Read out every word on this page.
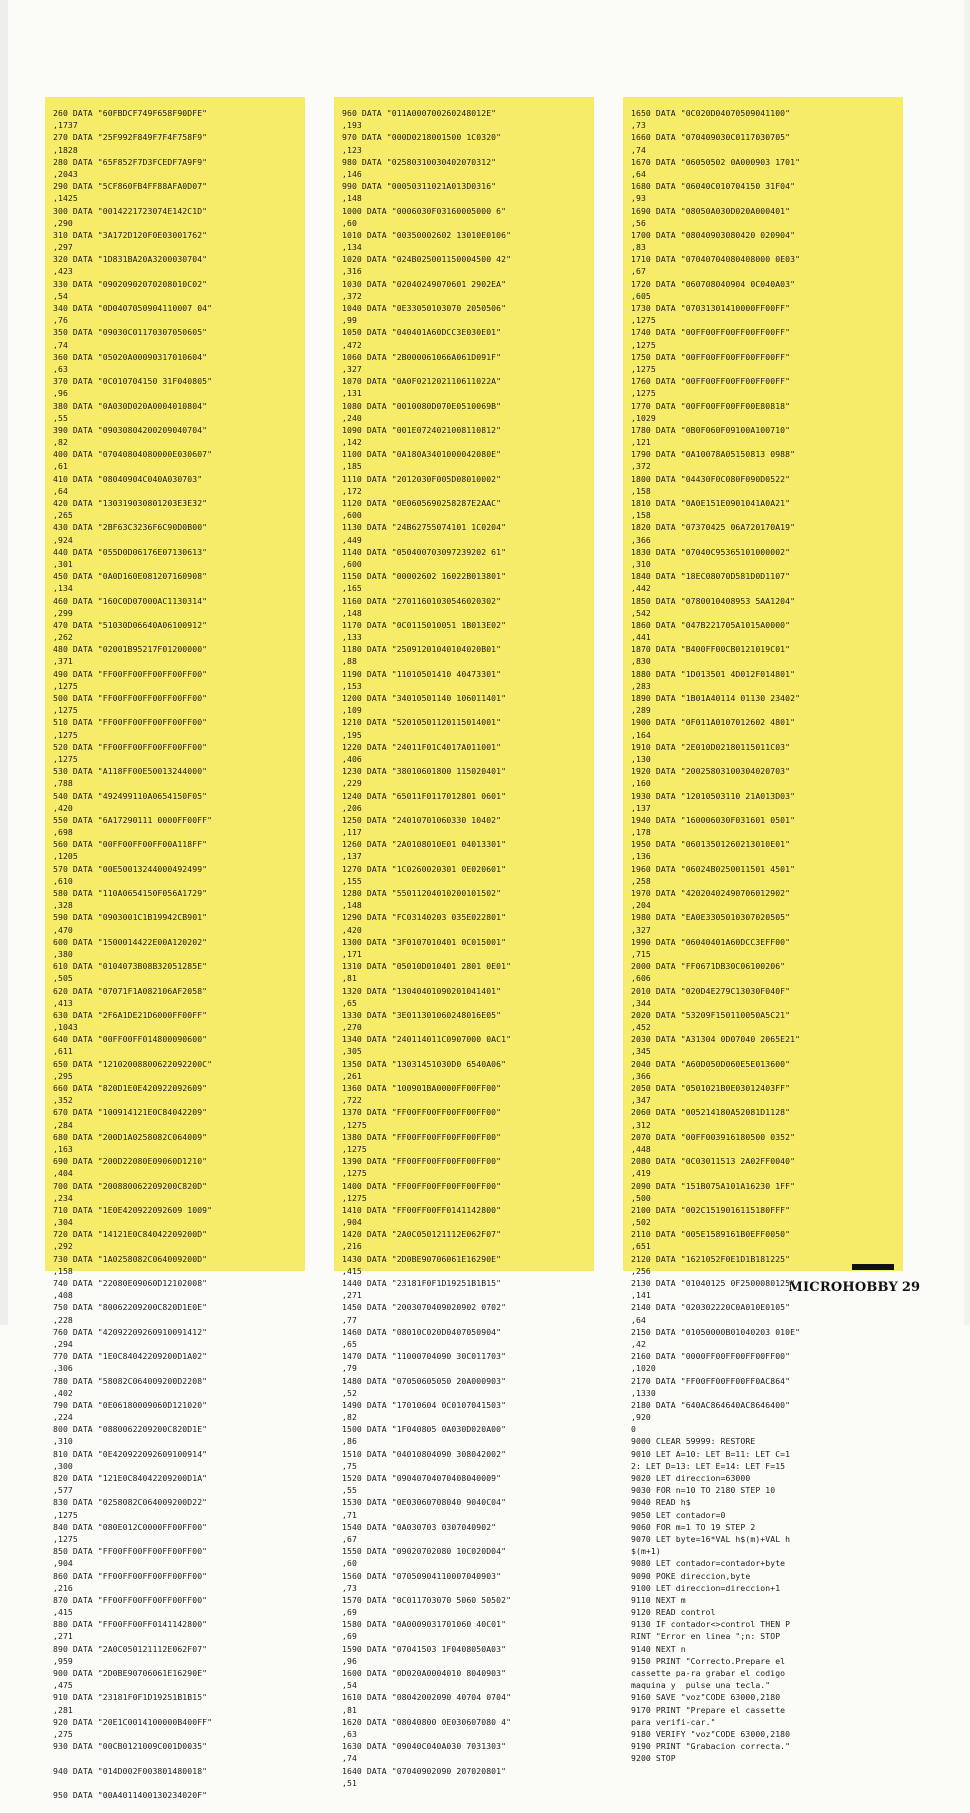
260 DATA "60FBDCF749F658F90DFE"
,1737
270 DATA "25F992F849F7F4F758F9"
,1828
280 DATA "65F852F7D3FCEDF7A9F9"
,2043
290 DATA "5CF860FB4FF88AFA0D07"
,1425
300 DATA "0014221723074E142C1D"
,290
310 DATA "3A172D120F0E03001762"
,297
320 DATA "1D831BA20A3200030704"
,423
330 DATA "09020902070208010C02"
,54
340 DATA "0D0407050904110007 04"
,76
350 DATA "09030C01170307050605"
,74
360 DATA "05020A00090317010604"
,63
370 DATA "0C010704150 31F040805"
,96
380 DATA "0A030D020A0004010804"
,55
390 DATA "09030804200209040704"
,82
400 DATA "07040804080000E030607"
,61
410 DATA "08040904C040A030703"
,64
420 DATA "130319030801203E3E32"
,265
430 DATA "2BF63C3236F6C90D0B00"
,924
440 DATA "055D0D06176E07130613"
,301
450 DATA "0A0D160E081207160908"
,134
460 DATA "160C0D07000AC1130314"
,299
470 DATA "51030D06640A06100912"
,262
480 DATA "02001B95217F01200000"
,371
490 DATA "FF00FF00FF00FF00FF00"
,1275
500 DATA "FF00FF00FF00FF00FF00"
,1275
510 DATA "FF00FF00FF00FF00FF00"
,1275
520 DATA "FF00FF00FF00FF00FF00"
,1275
530 DATA "A118FF00E50013244000"
,788
540 DATA "492499110A0654150F05"
,420
550 DATA "6A17290111 0000FF00FF"
,698
560 DATA "00FF00FF00FF00A118FF"
,1205
570 DATA "00E50013244000492499"
,610
580 DATA "110A0654150F056A1729"
,328
590 DATA "0903001C1B19942CB901"
,470
600 DATA "1500014422E00A120202"
,380
610 DATA "0104073B08B32051285E"
,505
620 DATA "07071F1A082106AF2058"
,413
630 DATA "2F6A1DE21D6000FF00FF"
,1043
640 DATA "00FF00FF014800090600"
,611
650 DATA "12102008800622092200C"
,295
660 DATA "820D1E0E420922092609"
,352
670 DATA "100914121E0C84042209"
,284
680 DATA "200D1A0258082C064009"
,163
690 DATA "200D22080E09060D1210"
,404
700 DATA "200880062209200C820D"
,234
710 DATA "1E0E420922092609 1009"
,304
720 DATA "14121E0C84042209200D"
,292
730 DATA "1A0258082C064009200D"
,158
740 DATA "22080E09060D12102008"
,408
750 DATA "80062209200C820D1E0E"
,228
760 DATA "42092209260910091412"
,294
770 DATA "1E0C84042209200D1A02"
,306
780 DATA "58082C064009200D2208"
,402
790 DATA "0E06180009060D121020"
,224
800 DATA "0880062209200C820D1E"
,310
810 DATA "0E420922092609100914"
,300
820 DATA "121E0C84042209200D1A"
,577
830 DATA "0258082C064009200D22"
,1275
840 DATA "080E012C0000FF00FF00"
,1275
850 DATA "FF00FF00FF00FF00FF00"
,904
860 DATA "FF00FF00FF00FF00FF00"
,216
870 DATA "FF00FF00FF00FF00FF00"
,415
880 DATA "FF00FF00FF0141142800"
,271
890 DATA "2A0C050121112E062F07"
,959
900 DATA "2D0BE90706061E16290E"
,475
910 DATA "23181F0F1D19251B1B15"
,281
920 DATA "20E1C0014100000B400FF"
,275
930 DATA "00CB0121009C001D0035"
940 DATA "014D002F003801480018"
950 DATA "00A4011400130234020F"
960 DATA "011A000700260248012E"
,193
970 DATA "000D0218001500 1C0320"
,123
980 DATA "02580310030402070312"
,146
990 DATA "00050311021A013D0316"
,148
1000 DATA "0006030F03160005000 6"
,60
1010 DATA "00350002602 13010E0106"
,134
1020 DATA "024B025001150004500 42"
,316
1030 DATA "02040249070601 2902EA"
,372
1040 DATA "0E33050103070 2050506"
,99
1050 DATA "040401A60DCC3E030E01"
,472
1060 DATA "2B000061066A061D091F"
,327
1070 DATA "0A0F021202110611022A"
,131
1080 DATA "0010080D070E0510069B"
,240
1090 DATA "001E0724021008110812"
,142
1100 DATA "0A180A3401000042080E"
,185
1110 DATA "2012030F005D08010002"
,172
1120 DATA "0E0605690258287E2AAC"
,600
1130 DATA "24B62755074101 1C0204"
,449
1140 DATA "050400703097239202 61"
,600
1150 DATA "00002602 16022B013801"
,165
1160 DATA "27011601030546020302"
,148
1170 DATA "0C0115010051 1B013E02"
,133
1180 DATA "25091201040104020B01"
,88
1190 DATA "11010501410 40473301"
,153
1200 DATA "34010501140 106011401"
,109
1210 DATA "52010501120115014001"
,195
1220 DATA "24011F01C4017A011001"
,406
1230 DATA "38010601800 115020401"
,229
1240 DATA "65011F0117012801 0601"
,206
1250 DATA "24010701060330 10402"
,117
1260 DATA "2A0108010E01 04013301"
,137
1270 DATA "1C0260020301 0E020601"
,155
1280 DATA "55011204010200101502"
,148
1290 DATA "FC03140203 035E022801"
,420
1300 DATA "3F0107010401 0C015001"
,171
1310 DATA "05010D010401 2801 0E01"
,81
1320 DATA "13040401090201041401"
,65
1330 DATA "3E011301060248016E05"
,270
1340 DATA "240114011C0907000 0AC1"
,305
1350 DATA "13031451030D0 6540A06"
,261
1360 DATA "100901BA0000FF00FF00"
,722
1370 DATA "FF00FF00FF00FF00FF00"
,1275
1380 DATA "FF00FF00FF00FF00FF00"
,1275
1390 DATA "FF00FF00FF00FF00FF00"
,1275
1400 DATA "FF00FF00FF00FF00FF00"
,1275
1410 DATA "FF00FF00FF0141142800"
,904
1420 DATA "2A0C050121112E062F07"
,216
1430 DATA "2D0BE90706061E16290E"
,415
1440 DATA "23181F0F1D19251B1B15"
,271
1450 DATA "2003070409020902 0702"
,77
1460 DATA "08010C020D0407050904"
,65
1470 DATA "11000704090 30C011703"
,79
1480 DATA "07050605050 20A000903"
,52
1490 DATA "17010604 0C0107041503"
,82
1500 DATA "1F040805 0A030D020A00"
,86
1510 DATA "04010804090 308042002"
,75
1520 DATA "09040704070408040009"
,55
1530 DATA "0E03060708040 9040C04"
,71
1540 DATA "0A030703 0307040902"
,67
1550 DATA "09020702080 10C020D04"
,60
1560 DATA "07050904110007040903"
,73
1570 DATA "0C011703070 5060 50502"
,69
1580 DATA "0A0009031701060 40C01"
,69
1590 DATA "07041503 1F0408050A03"
,96
1600 DATA "0D020A0004010 8040903"
,54
1610 DATA "08042002090 40704 0704"
,81
1620 DATA "08040800 0E030607080 4"
,63
1630 DATA "09040C040A030 7031303"
,74
1640 DATA "07040902090 207020801"
,51
1650 DATA "0C020D04070509041100"
,73
1660 DATA "070409030C0117030705"
,74
1670 DATA "06050502 0A000903 1701"
,64
1680 DATA "06040C010704150 31F04"
,93
1690 DATA "08050A030D020A000401"
,56
1700 DATA "08040903080420 020904"
,83
1710 DATA "07040704080408000 0E03"
,67
1720 DATA "060708040904 0C040A03"
,605
1730 DATA "07031301410000FF00FF"
,1275
1740 DATA "00FF00FF00FF00FF00FF"
,1275
1750 DATA "00FF00FF00FF00FF00FF"
,1275
1760 DATA "00FF00FF00FF00FF00FF"
,1275
1770 DATA "00FF00FF00FF00E80818"
,1029
1780 DATA "0B0F060F09100A100710"
,121
1790 DATA "0A10078A05150813 0988"
,372
1800 DATA "04430F0C080F090D0522"
,158
1810 DATA "0A0E151E0901041A0A21"
,158
1820 DATA "07370425 06A720170A19"
,366
1830 DATA "07040C95365101000002"
,310
1840 DATA "18EC08070D581D0D1107"
,442
1850 DATA "0780010408953 5AA1204"
,542
1860 DATA "047B221705A1015A0000"
,441
1870 DATA "B400FF00CB0121019C01"
,830
1880 DATA "1D013501 4D012F014801"
,283
1890 DATA "1B01A40114 01130 23402"
,289
1900 DATA "0F011A0107012602 4801"
,164
1910 DATA "2E010D02180115011C03"
,130
1920 DATA "20025803100304020703"
,160
1930 DATA "12010503110 21A013D03"
,137
1940 DATA "160006030F031601 0501"
,178
1950 DATA "06013501260213010E01"
,136
1960 DATA "06024B0250011501 4501"
,258
1970 DATA "42020402490706012902"
,204
1980 DATA "EA0E3305010307020505"
,327
1990 DATA "06040401A60DCC3EFF00"
,715
2000 DATA "FF0671DB30C06100206"
,606
2010 DATA "020D4E279C13030F040F"
,344
2020 DATA "53209F150110050A5C21"
,452
2030 DATA "A31304 0D07040 2065E21"
,345
2040 DATA "A60D050D060E5E013600"
,366
2050 DATA "0501021B0E03012403FF"
,347
2060 DATA "005214180A52081D1128"
,312
2070 DATA "00FF003916180500 0352"
,448
2080 DATA "0C03011513 2A02FF0040"
,419
2090 DATA "151B075A101A16230 1FF"
,500
2100 DATA "002C1519016115180FFF"
,502
2110 DATA "005E1589161B0EFF0050"
,651
2120 DATA "1621052F0E1D1B181225"
,256
2130 DATA "01040125 0F2500080125"
,141
2140 DATA "020302220C0A010E0105"
,64
2150 DATA "01050000B01040203 010E"
,42
2160 DATA "0000FF00FF00FF00FF00"
,1020
2170 DATA "FF00FF00FF00FF0AC864"
,1330
2180 DATA "640AC864640AC8646400"
,920
0
9000 CLEAR 59999: RESTORE
9010 LET A=10: LET B=11: LET C=1
2: LET D=13: LET E=14: LET F=15
9020 LET direccion=63000
9030 FOR n=10 TO 2180 STEP 10
9040 READ h$
9050 LET contador=0
9060 FOR m=1 TO 19 STEP 2
9070 LET byte=16*VAL h$(m)+VAL h
$(m+1)
9080 LET contador=contador+byte
9090 POKE direccion,byte
9100 LET direccion=direccion+1
9110 NEXT m
9120 READ control
9130 IF contador<>control THEN P
RINT "Error en linea ";n: STOP
9140 NEXT n
9150 PRINT "Correcto.Prepare el
cassette pa-ra grabar el codigo
maquina y  pulse una tecla."
9160 SAVE "voz"CODE 63000,2180
9170 PRINT "Prepare el cassette
para verifi-car."
9180 VERIFY "voz"CODE 63000,2180
9190 PRINT "Grabacion correcta."
9200 STOP
MICROHOBBY 29
